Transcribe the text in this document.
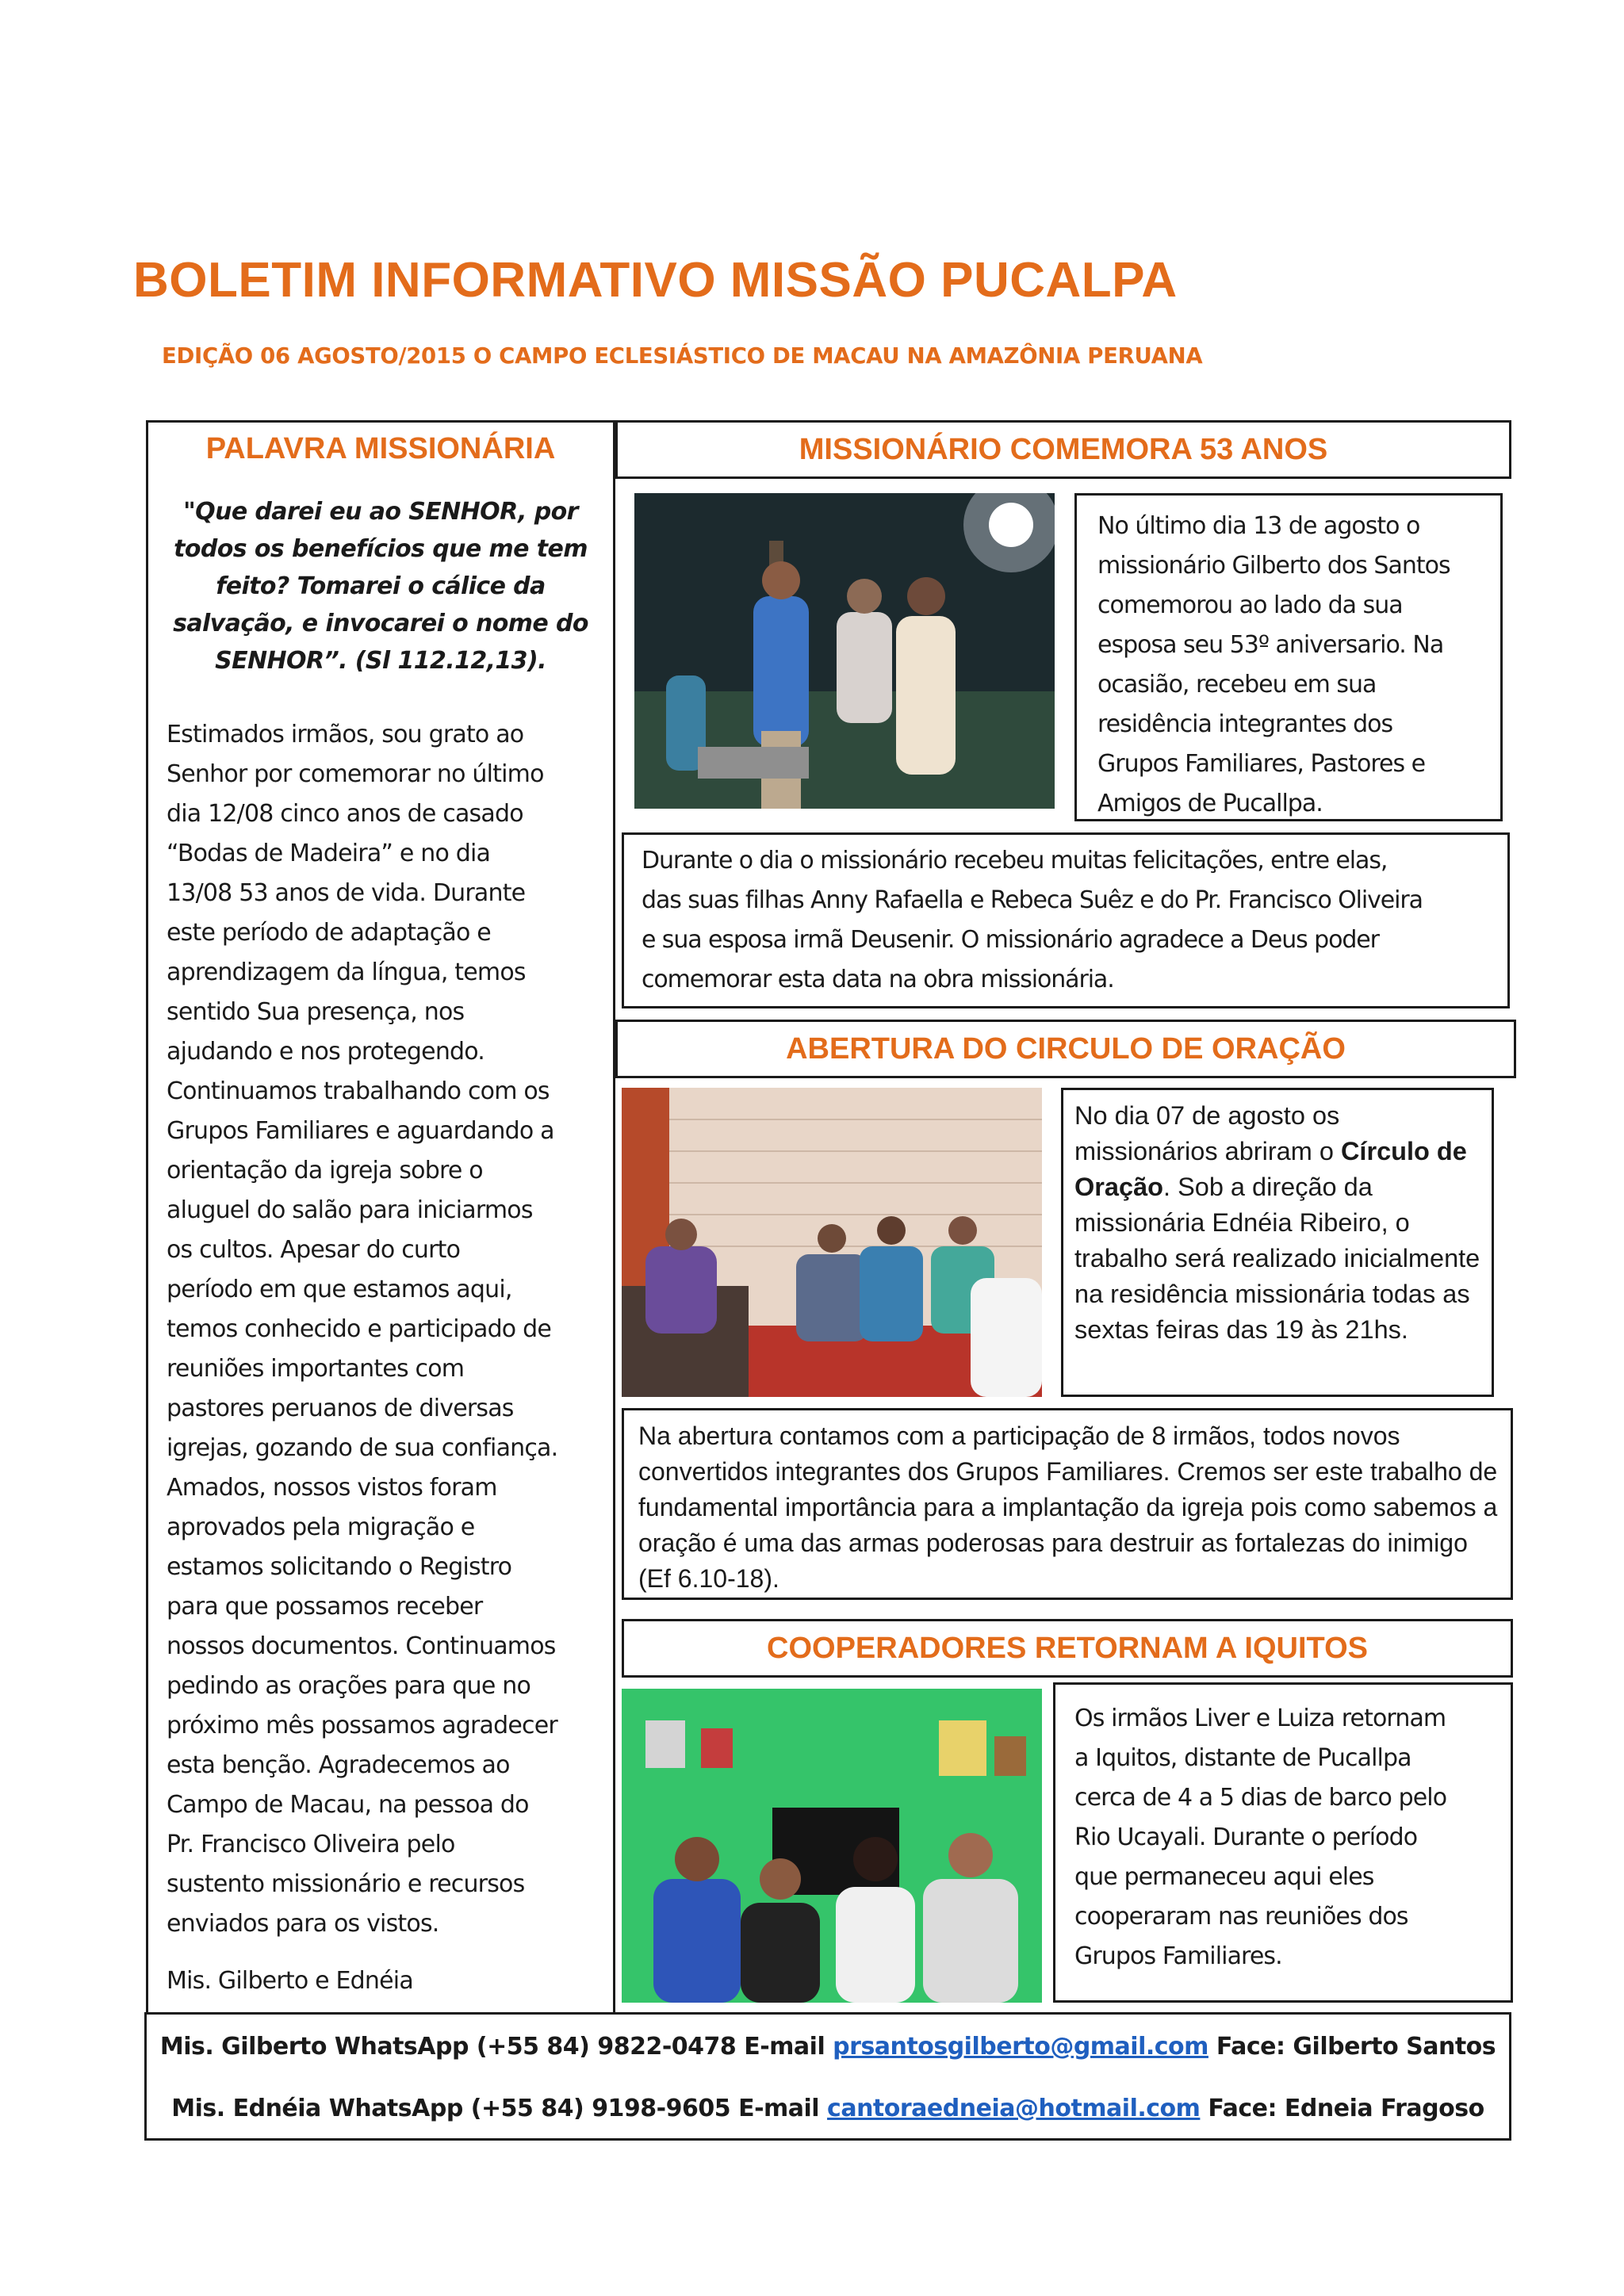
BOLETIM INFORMATIVO MISSÃO PUCALPA
EDIÇÃO 06 AGOSTO/2015 O CAMPO ECLESIÁSTICO DE MACAU NA AMAZÔNIA PERUANA
PALAVRA MISSIONÁRIA
"Que darei eu ao SENHOR, por todos os benefícios que me tem feito? Tomarei o cálice da salvação, e invocarei o nome do SENHOR”. (Sl 112.12,13).

Estimados irmãos, sou grato ao

Senhor por comemorar no último

dia 12/08 cinco anos de casado

“Bodas de Madeira” e no dia

13/08 53 anos de vida. Durante

este período de adaptação e

aprendizagem da língua, temos

sentido Sua presença, nos

ajudando e nos protegendo.

Continuamos trabalhando com os

Grupos Familiares e aguardando a

orientação da igreja sobre o

aluguel do salão para iniciarmos

os cultos. Apesar do curto

período em que estamos aqui,

temos conhecido e participado de

reuniões importantes com

pastores peruanos de diversas

igrejas, gozando de sua confiança.

Amados, nossos vistos foram

aprovados pela migração e

estamos solicitando o Registro

para que possamos receber

nossos documentos. Continuamos

pedindo as orações para que no

próximo mês possamos agradecer

esta benção. Agradecemos ao

Campo de Macau, na pessoa do

Pr. Francisco Oliveira pelo

sustento missionário e recursos

enviados para os vistos.

Mis. Gilberto e Ednéia
MISSIONÁRIO COMEMORA 53 ANOS

No último dia 13 de agosto o

missionário Gilberto dos Santos

comemorou ao lado da sua

esposa seu 53º aniversario. Na

ocasião, recebeu em sua

residência integrantes dos

Grupos Familiares, Pastores e

Amigos de Pucallpa.

Durante o dia o missionário recebeu muitas felicitações, entre elas,

das suas filhas Anny Rafaella e Rebeca Suêz e do Pr. Francisco Oliveira

e sua esposa irmã Deusenir. O missionário agradece a Deus poder

comemorar esta data na obra missionária.

ABERTURA DO CIRCULO DE ORAÇÃO
No dia 07 de agosto os missionários abriram o Círculo de Oração. Sob a direção da missionária Ednéia Ribeiro, o trabalho será realizado inicialmente na residência missionária todas as sextas feiras das 19 às 21hs.
Na abertura contamos com a participação de 8 irmãos, todos novos convertidos integrantes dos Grupos Familiares. Cremos ser este trabalho de fundamental importância para a implantação da igreja pois como sabemos a oração é uma das armas poderosas para destruir as fortalezas do inimigo (Ef 6.10-18).
COOPERADORES RETORNAM A IQUITOS

Os irmãos Liver e Luiza retornam

a Iquitos, distante de Pucallpa

cerca de 4 a 5 dias de barco pelo

Rio Ucayali. Durante o período

que permaneceu aqui eles

cooperaram nas reuniões dos

Grupos Familiares.

Mis. Gilberto WhatsApp (+55 84) 9822-0478 E-mail prsantosgilberto@gmail.com Face: Gilberto Santos
Mis. Ednéia WhatsApp (+55 84) 9198-9605 E-mail cantoraedneia@hotmail.com Face: Edneia Fragoso
